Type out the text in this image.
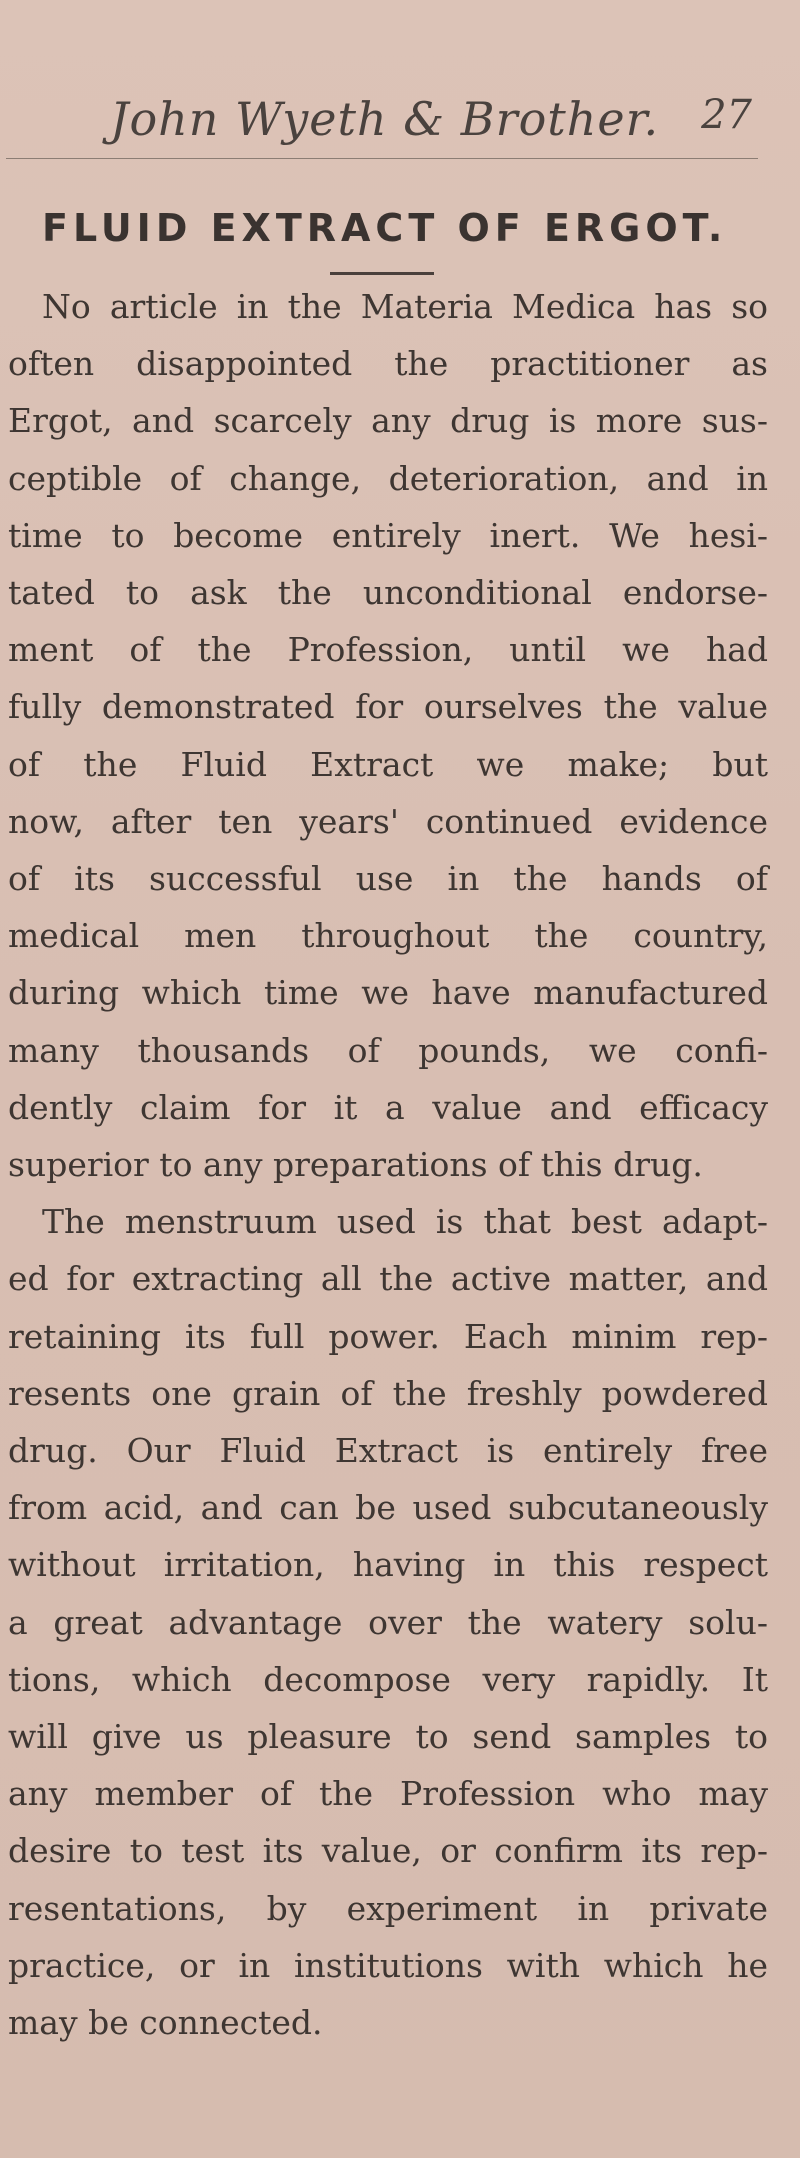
John Wyeth & Brother. 27
FLUID EXTRACT OF ERGOT.
No article in the Materia Medica has so
often disappointed the practitioner as
Ergot, and scarcely any drug is more sus-
ceptible of change, deterioration, and in
time to become entirely inert. We hesi-
tated to ask the unconditional endorse-
ment of the Profession, until we had
fully demonstrated for ourselves the value
of the Fluid Extract we make; but
now, after ten years' continued evidence
of its successful use in the hands of
medical men throughout the country,
during which time we have manufactured
many thousands of pounds, we confi-
dently claim for it a value and efficacy
superior to any preparations of this drug.
The menstruum used is that best adapt-
ed for extracting all the active matter, and
retaining its full power. Each minim rep-
resents one grain of the freshly powdered
drug. Our Fluid Extract is entirely free
from acid, and can be used subcutaneously
without irritation, having in this respect
a great advantage over the watery solu-
tions, which decompose very rapidly. It
will give us pleasure to send samples to
any member of the Profession who may
desire to test its value, or confirm its rep-
resentations, by experiment in private
practice, or in institutions with which he
may be connected.
